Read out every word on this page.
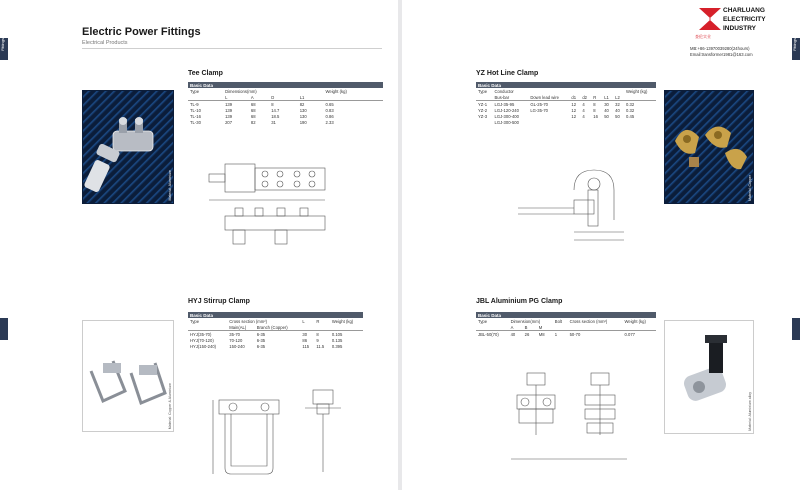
Fittings
Electric Power Fittings
Electrical Products
Tee Clamp
Material: Aluminium
Basic Data					
Type	Dimensions(mm)				Weight (kg)
	L	A	D	L1	
TL-9	139	68	8	82	0.65
TL-10	139	68	14.7	130	0.83
TL-16	139	68	18.5	130	0.86
TL-30	207	82	31	190	2.33
HYJ Stirrup Clamp
Material: Copper & Aluminium
Basic Data					
Type	Cross section (mm²)		L	R	Weight (kg)
	Main(AL)	Branch (Copper)			
HYJ(35-70)	35-70	6-35	30	8	0.105
HYJ(70-120)	70-120	6-35	86	9	0.135
HYJ(150-240)	150-240	6-35	115	11.5	0.395
Fittings
YZ Hot Line Clamp
Basic Data								
Type	Conductor							Weight (kg)
	Bus-bar	Down lead wire	d1	d2	R	L1	L2	
YZ-1	LGJ-35-95	GL-25-70	12	4	8	30	32	0.32
YZ-2	LGJ-120-240	LG-35-70	12	4	8	40	40	0.32
YZ-3	LGJ-300-400		12	4	16	50	50	0.45
	LGJ-300-500							
Material: Copper
JBL Aluminium PG Clamp
Basic Data						
Type	Dimension(mm)			Bolt	Cross section (mm²)	Weight (kg)
	A	B	M			
JBL-50(70)	40	26	M8	1	50-70	0.077
Material: Aluminium alloy
CHARLUANG
ELECTRICITY
INDUSTRY
查伦实业
MB:+86-13970039280(24hours)
Email:transformer1981@163.com
